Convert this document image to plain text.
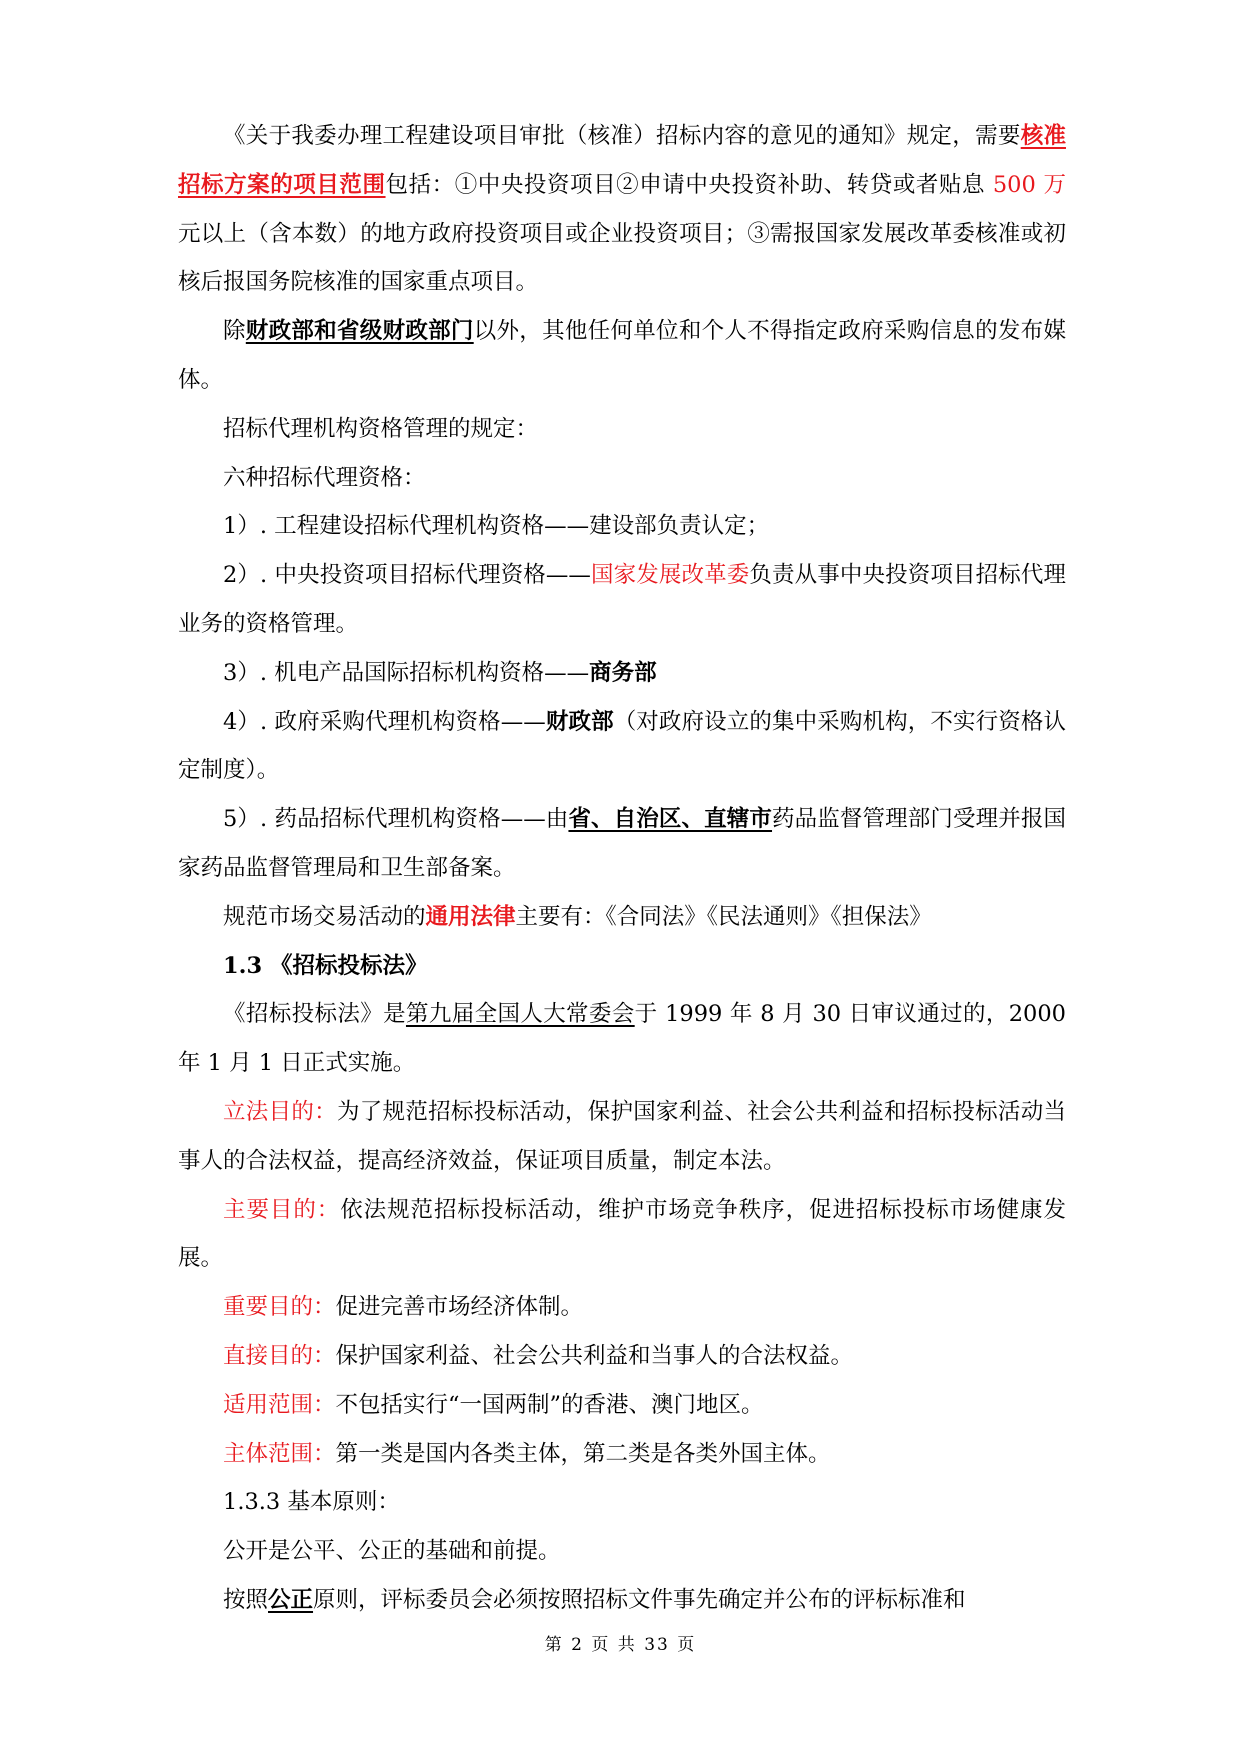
《关于我委办理工程建设项目审批（核准）招标内容的意见的通知》规定，需要核准招标方案的项目范围包括：①中央投资项目②申请中央投资补助、转贷或者贴息 500 万元以上（含本数）的地方政府投资项目或企业投资项目；③需报国家发展改革委核准或初核后报国务院核准的国家重点项目。

除财政部和省级财政部门以外，其他任何单位和个人不得指定政府采购信息的发布媒体。

招标代理机构资格管理的规定：

六种招标代理资格：

1）. 工程建设招标代理机构资格——建设部负责认定；

2）. 中央投资项目招标代理资格——国家发展改革委负责从事中央投资项目招标代理业务的资格管理。

3）. 机电产品国际招标机构资格——商务部

4）. 政府采购代理机构资格——财政部（对政府设立的集中采购机构，不实行资格认定制度）。

5）. 药品招标代理机构资格——由省、自治区、直辖市药品监督管理部门受理并报国家药品监督管理局和卫生部备案。

规范市场交易活动的通用法律主要有：《合同法》《民法通则》《担保法》

1.3 《招标投标法》

《招标投标法》是第九届全国人大常委会于 1999 年 8 月 30 日审议通过的，2000 年 1 月 1 日正式实施。

立法目的：为了规范招标投标活动，保护国家利益、社会公共利益和招标投标活动当事人的合法权益，提高经济效益，保证项目质量，制定本法。

主要目的：依法规范招标投标活动，维护市场竞争秩序，促进招标投标市场健康发展。

重要目的：促进完善市场经济体制。

直接目的：保护国家利益、社会公共利益和当事人的合法权益。

适用范围：不包括实行“一国两制”的香港、澳门地区。

主体范围：第一类是国内各类主体，第二类是各类外国主体。

1.3.3 基本原则：

公开是公平、公正的基础和前提。

按照公正原则，评标委员会必须按照招标文件事先确定并公布的评标标准和

第 2 页 共 33 页
